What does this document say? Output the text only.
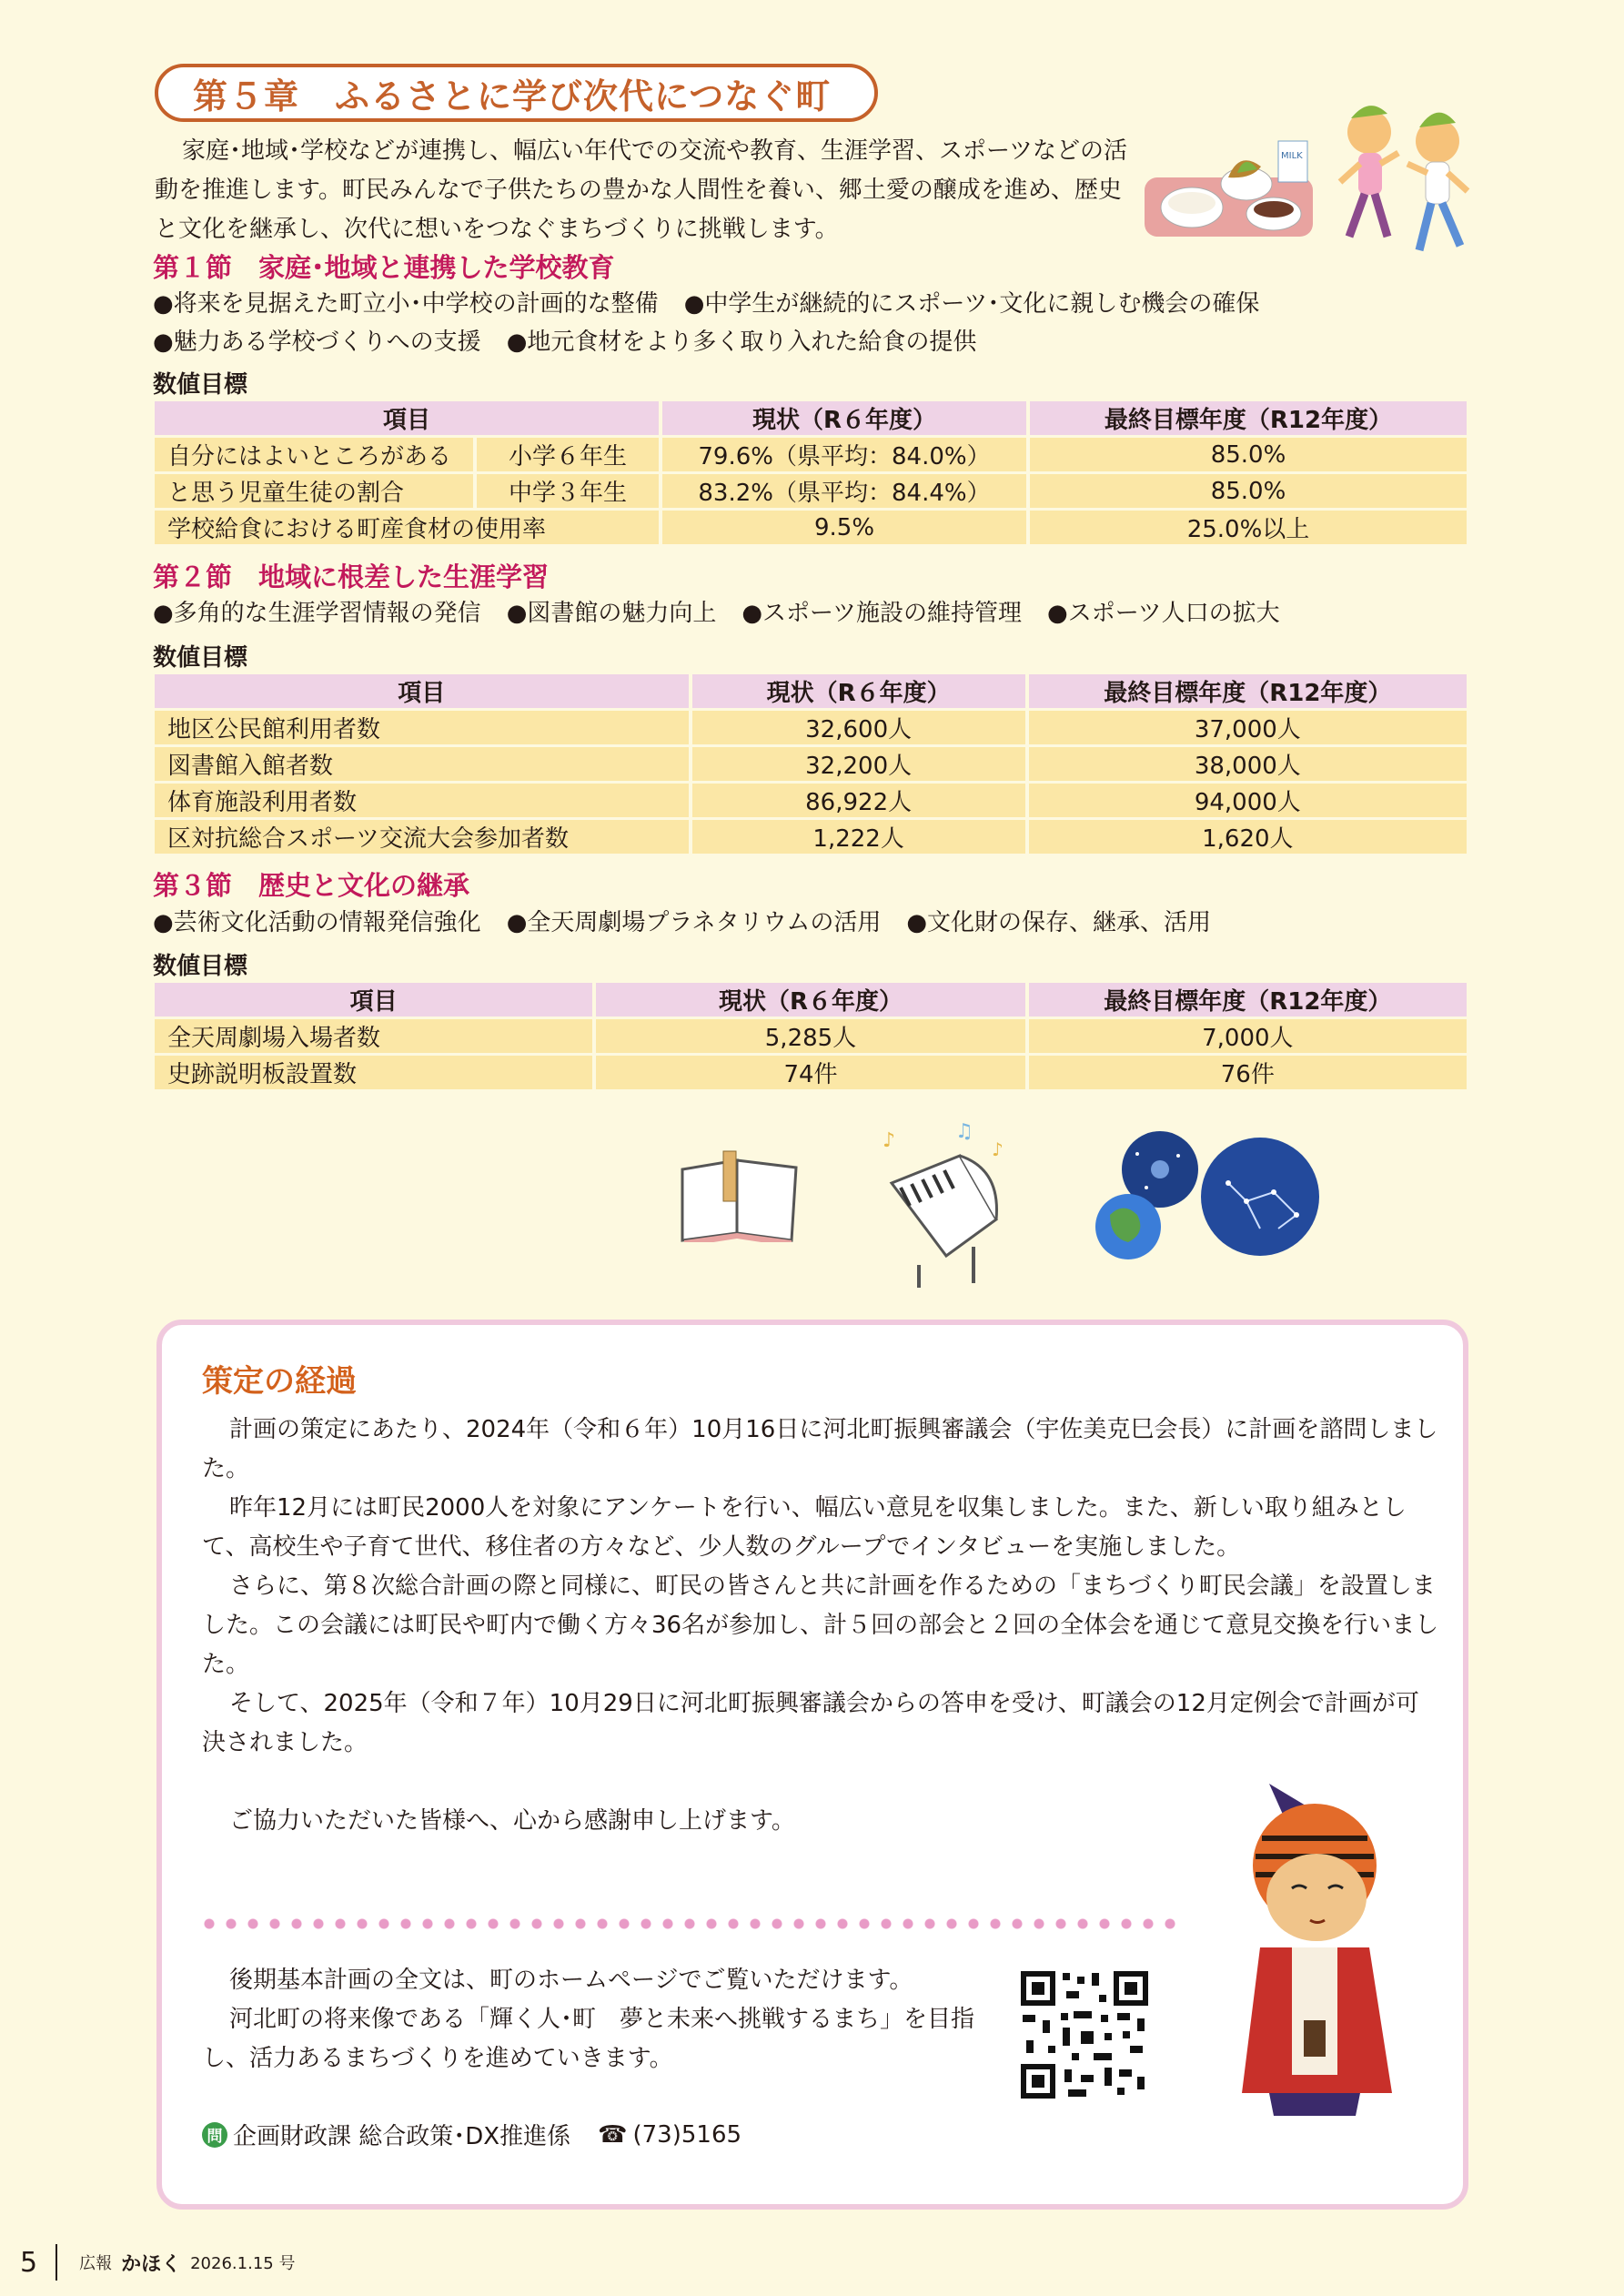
第５章　ふるさとに学び次代につなぐ町
MILK
家庭･地域･学校などが連携し、幅広い年代での交流や教育、生涯学習、スポーツなどの活動を推進します。町民みんなで子供たちの豊かな人間性を養い、郷土愛の醸成を進め、歴史と文化を継承し、次代に想いをつなぐまちづくりに挑戦します。
第１節　家庭･地域と連携した学校教育
●将来を見据えた町立小･中学校の計画的な整備 ●中学生が継続的にスポーツ･文化に親しむ機会の確保
●魅力ある学校づくりへの支援 ●地元食材をより多く取り入れた給食の提供
数値目標
項目		現状（R６年度）	最終目標年度（R12年度）
自分にはよいところがある	小学６年生	79.6%（県平均：84.0%）	85.0%
と思う児童生徒の割合	中学３年生	83.2%（県平均：84.4%）	85.0%
学校給食における町産食材の使用率		9.5%	25.0%以上
第２節　地域に根差した生涯学習
●多角的な生涯学習情報の発信 ●図書館の魅力向上 ●スポーツ施設の維持管理 ●スポーツ人口の拡大
数値目標
項目	現状（R６年度）	最終目標年度（R12年度）
地区公民館利用者数	32,600人	37,000人
図書館入館者数	32,200人	38,000人
体育施設利用者数	86,922人	94,000人
区対抗総合スポーツ交流大会参加者数	1,222人	1,620人
第３節　歴史と文化の継承
●芸術文化活動の情報発信強化 ●全天周劇場プラネタリウムの活用 ●文化財の保存、継承、活用
数値目標
項目	現状（R６年度）	最終目標年度（R12年度）
全天周劇場入場者数	5,285人	7,000人
史跡説明板設置数	74件	76件
♪	♫
♪
策定の経過

計画の策定にあたり、2024年（令和６年）10月16日に河北町振興審議会（宇佐美克巳会長）に計画を諮問しました。

昨年12月には町民2000人を対象にアンケートを行い、幅広い意見を収集しました。また、新しい取り組みとして、高校生や子育て世代、移住者の方々など、少人数のグループでインタビューを実施しました。

さらに、第８次総合計画の際と同様に、町民の皆さんと共に計画を作るための「まちづくり町民会議」を設置しました。この会議には町民や町内で働く方々36名が参加し、計５回の部会と２回の全体会を通じて意見交換を行いました。

そして、2025年（令和７年）10月29日に河北町振興審議会からの答申を受け、町議会の12月定例会で計画が可決されました。

ご協力いただいた皆様へ、心から感謝申し上げます。

後期基本計画の全文は、町のホームページでご覧いただけます。

河北町の将来像である「輝く人･町　夢と未来へ挑戦するまち」を目指し、活力あるまちづくりを進めていきます。

問 企画財政課 総合政策･DX推進係 ☎ (73)5165
5	広報 かほく 2026.1.15 号
